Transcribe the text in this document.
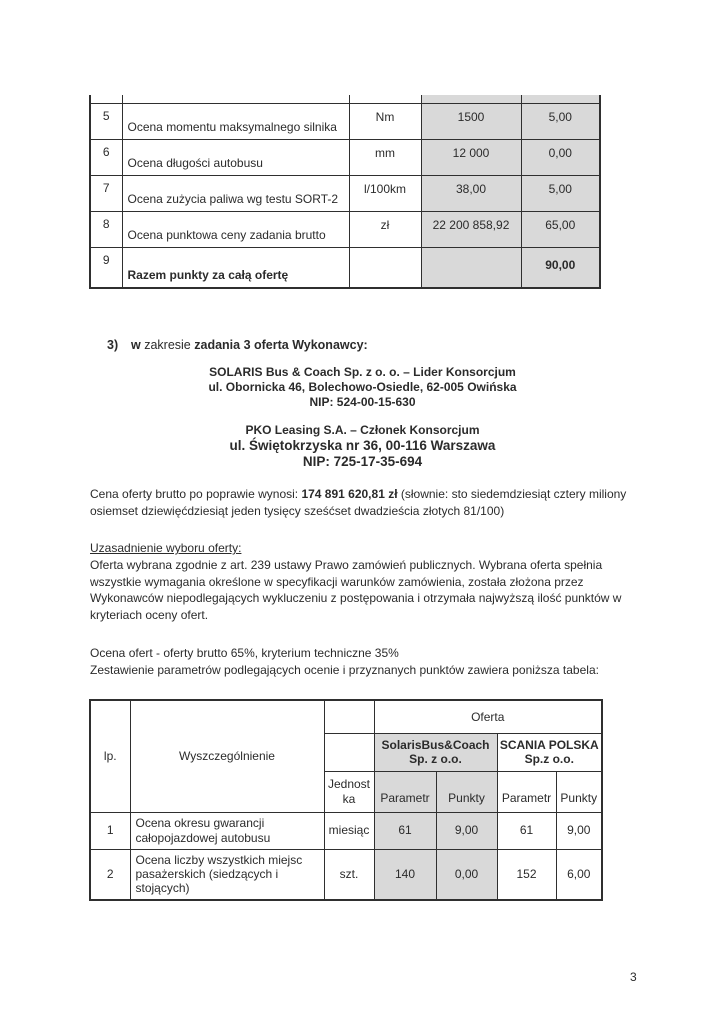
5	Ocena momentu maksymalnego silnika	Nm	1500	5,00
6	Ocena długości autobusu	mm	12 000	0,00
7	Ocena zużycia paliwa wg testu SORT-2	l/100km	38,00	5,00
8	Ocena punktowa ceny zadania brutto	zł	22 200 858,92	65,00
9	Razem punkty za całą ofertę			90,00
3) w zakresie zadania 3 oferta Wykonawcy:
SOLARIS Bus & Coach Sp. z o. o. – Lider Konsorcjum
ul. Obornicka 46, Bolechowo-Osiedle, 62-005 Owińska
NIP: 524-00-15-630
PKO Leasing S.A. – Członek Konsorcjum
ul. Świętokrzyska nr 36, 00-116 Warszawa
NIP: 725-17-35-694
Cena oferty brutto po poprawie wynosi: 174 891 620,81 zł (słownie: sto siedemdziesiąt cztery miliony osiemset dziewięćdziesiąt jeden tysięcy sześćset dwadzieścia złotych 81/100)
Uzasadnienie wyboru oferty:
Oferta wybrana zgodnie z art. 239 ustawy Prawo zamówień publicznych. Wybrana oferta spełnia wszystkie wymagania określone w specyfikacji warunków zamówienia, została złożona przez Wykonawców niepodlegających wykluczeniu z postępowania i otrzymała najwyższą ilość punktów w kryteriach oceny ofert.
Ocena ofert - oferty brutto 65%, kryterium techniczne 35%
Zestawienie parametrów podlegających ocenie i przyznanych punktów zawiera poniższa tabela:
lp.	Wyszczególnienie		Oferta			
			SolarisBus&Coach Sp. z o.o.		SCANIA POLSKA Sp.z o.o.	
		Jednostka	Parametr	Punkty	Parametr	Punkty
1	Ocena okresu gwarancji całopojazdowej autobusu	miesiąc	61	9,00	61	9,00
2	Ocena liczby wszystkich miejsc pasażerskich (siedzących i stojących)	szt.	140	0,00	152	6,00
3
